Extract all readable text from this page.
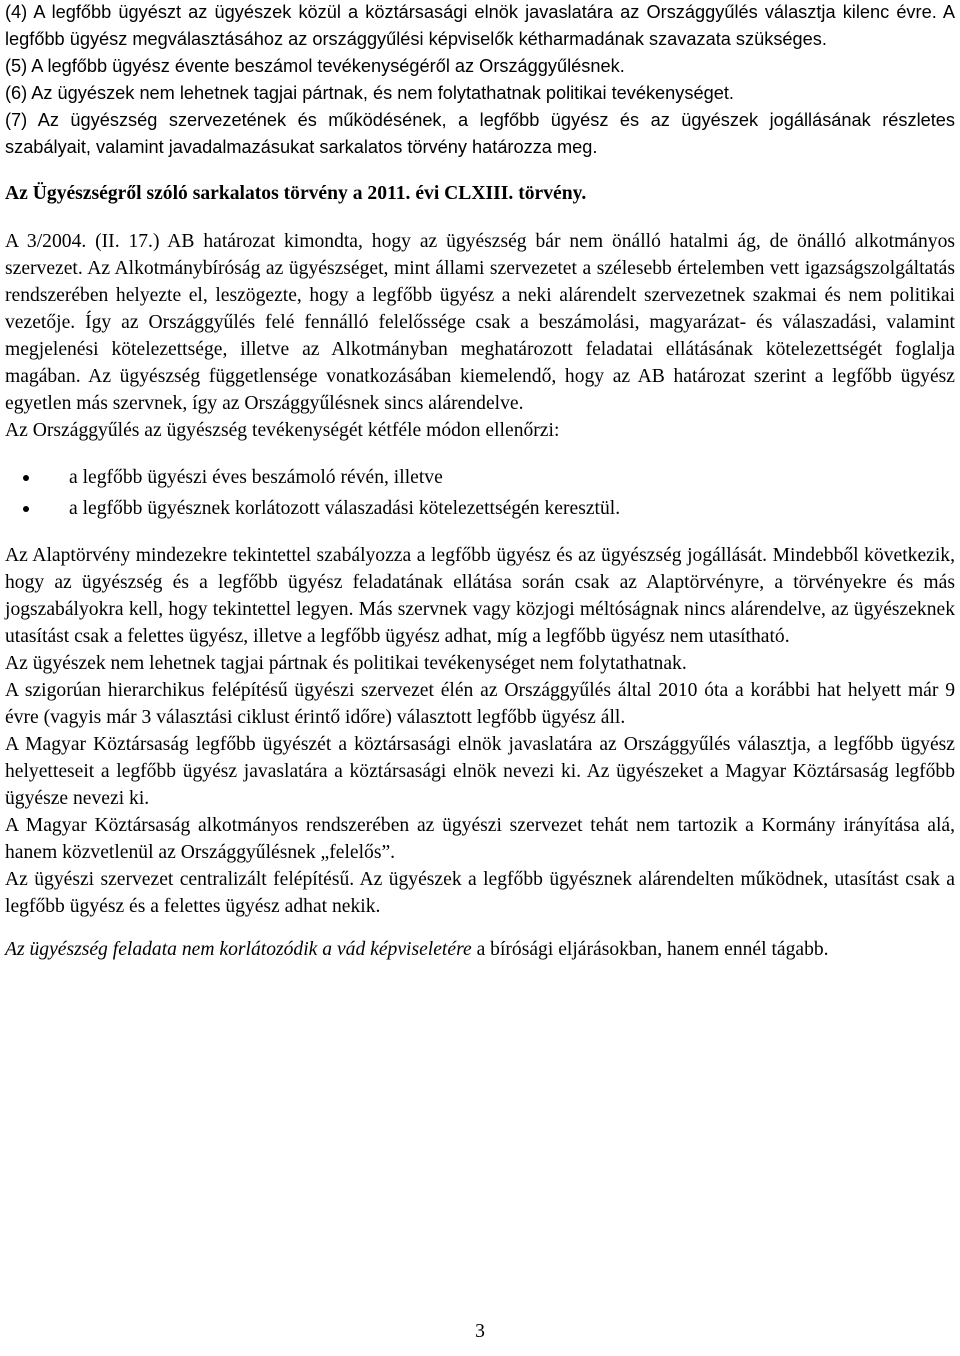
(4) A legfőbb ügyészt az ügyészek közül a köztársasági elnök javaslatára az Országgyűlés választja kilenc évre. A legfőbb ügyész megválasztásához az országgyűlési képviselők kétharmadának szavazata szükséges.

(5) A legfőbb ügyész évente beszámol tevékenységéről az Országgyűlésnek.

(6) Az ügyészek nem lehetnek tagjai pártnak, és nem folytathatnak politikai tevékenységet.

(7) Az ügyészség szervezetének és működésének, a legfőbb ügyész és az ügyészek jogállásának részletes szabályait, valamint javadalmazásukat sarkalatos törvény határozza meg.

Az Ügyészségről szóló sarkalatos törvény a 2011. évi CLXIII. törvény.

A 3/2004. (II. 17.) AB határozat kimondta, hogy az ügyészség bár nem önálló hatalmi ág, de önálló alkotmányos szervezet. Az Alkotmánybíróság az ügyészséget, mint állami szervezetet a szélesebb értelemben vett igazságszolgáltatás rendszerében helyezte el, leszögezte, hogy a legfőbb ügyész a neki alárendelt szervezetnek szakmai és nem politikai vezetője. Így az Országgyűlés felé fennálló felelőssége csak a beszámolási, magyarázat- és válaszadási, valamint megjelenési kötelezettsége, illetve az Alkotmányban meghatározott feladatai ellátásának kötelezettségét foglalja magában. Az ügyészség függetlensége vonatkozásában kiemelendő, hogy az AB határozat szerint a legfőbb ügyész egyetlen más szervnek, így az Országgyűlésnek sincs alárendelve.

Az Országgyűlés az ügyészség tevékenységét kétféle módon ellenőrzi:

a legfőbb ügyészi éves beszámoló révén, illetve
a legfőbb ügyésznek korlátozott válaszadási kötelezettségén keresztül.

Az Alaptörvény mindezekre tekintettel szabályozza a legfőbb ügyész és az ügyészség jogállását. Mindebből következik, hogy az ügyészség és a legfőbb ügyész feladatának ellátása során csak az Alaptörvényre, a törvényekre és más jogszabályokra kell, hogy tekintettel legyen. Más szervnek vagy közjogi méltóságnak nincs alárendelve, az ügyészeknek utasítást csak a felettes ügyész, illetve a legfőbb ügyész adhat, míg a legfőbb ügyész nem utasítható.

Az ügyészek nem lehetnek tagjai pártnak és politikai tevékenységet nem folytathatnak.

A szigorúan hierarchikus felépítésű ügyészi szervezet élén az Országgyűlés által 2010 óta a korábbi hat helyett már 9 évre (vagyis már 3 választási ciklust érintő időre) választott legfőbb ügyész áll.

A Magyar Köztársaság legfőbb ügyészét a köztársasági elnök javaslatára az Országgyűlés választja, a legfőbb ügyész helyetteseit a legfőbb ügyész javaslatára a köztársasági elnök nevezi ki. Az ügyészeket a Magyar Köztársaság legfőbb ügyésze nevezi ki.

A Magyar Köztársaság alkotmányos rendszerében az ügyészi szervezet tehát nem tartozik a Kormány irányítása alá, hanem közvetlenül az Országgyűlésnek „felelős”.

Az ügyészi szervezet centralizált felépítésű. Az ügyészek a legfőbb ügyésznek alárendelten működnek, utasítást csak a legfőbb ügyész és a felettes ügyész adhat nekik.

Az ügyészség feladata nem korlátozódik a vád képviseletére a bírósági eljárásokban, hanem ennél tágabb.

3
